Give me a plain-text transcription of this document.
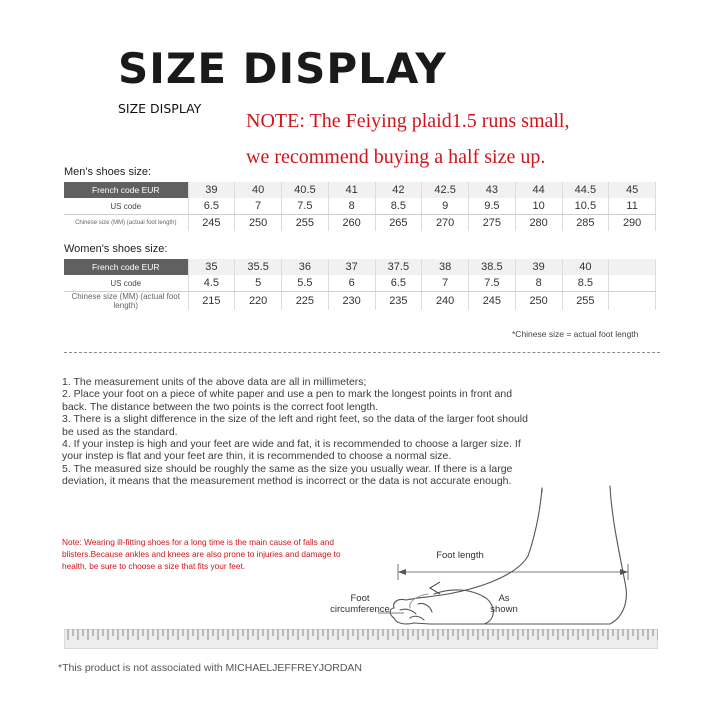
SIZE DISPLAY
SIZE DISPLAY
NOTE: The Feiying plaid1.5 runs small,
we recommend buying a half size up.
Men's shoes size:
French code EUR	39	40	40.5	41	42	42.5	43	44	44.5	45
US code	6.5	7	7.5	8	8.5	9	9.5	10	10.5	11
Chinese size (MM) (actual foot length)	245	250	255	260	265	270	275	280	285	290
Women's shoes size:
French code EUR	35	35.5	36	37	37.5	38	38.5	39	40	
US code	4.5	5	5.5	6	6.5	7	7.5	8	8.5	
Chinese size (MM) (actual foot length)	215	220	225	230	235	240	245	250	255	
*Chinese size = actual foot length
1. The measurement units of the above data are all in millimeters;
2. Place your foot on a piece of white paper and use a pen to mark the longest points in front and back. The distance between the two points is the correct foot length.
3. There is a slight difference in the size of the left and right feet, so the data of the larger foot should be used as the standard.
4. If your instep is high and your feet are wide and fat, it is recommended to choose a larger size. If your instep is flat and your feet are thin, it is recommended to choose a normal size.
5. The measured size should be roughly the same as the size you usually wear. If there is a large deviation, it means that the measurement method is incorrect or the data is not accurate enough.
Note: Wearing ill-fitting shoes for a long time is the main cause of falls and blisters.Because ankles and knees are also prone to injuries and damage to health, be sure to choose a size that fits your feet.
Foot length
Foot
circumference
As
shown
*This product is not associated with MICHAELJEFFREYJORDAN
